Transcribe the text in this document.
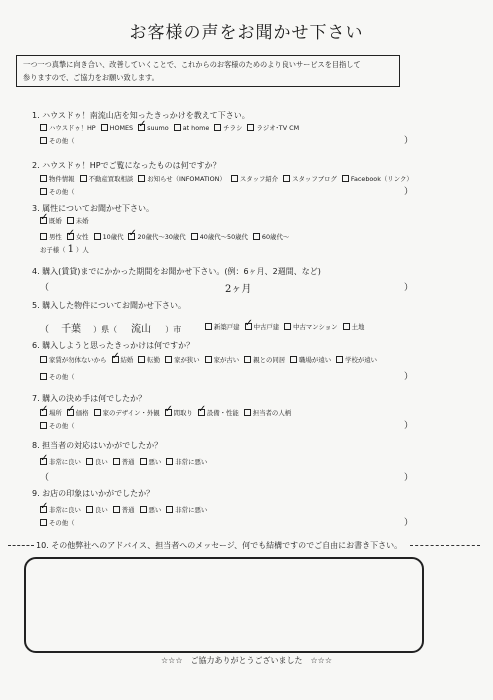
お客様の声をお聞かせ下さい
一つ一つ真摯に向き合い、改善していくことで、これからのお客様のためのより良いサービスを目指して
参りますので、ご協力をお願い致します。
1. ハウスドゥ！南流山店を知ったきっかけを教えて下さい。
ハウスドゥ！HP HOMES ✓ suumo at home チラシ ラジオ･TV CM
その他（	）
2. ハウスドゥ！HPでご覧になったものは何ですか？
物件情報 不動産買取相談 お知らせ（INFOMATION） スタッフ紹介 スタッフブログ Facebook（リンク）
その他（	）
3. 属性についてお聞かせ下さい。
✓既婚 未婚
男性 ✓ 女性 10歳代 ✓ 20歳代〜30歳代 40歳代〜50歳代 60歳代〜
お子様（ 1 ）人
4. 購入(賃貸)までにかかった期間をお聞かせ下さい。(例：6ヶ月、2週間、など)
（	2ヶ月	）
5. 購入した物件についてお聞かせ下さい。
（ 千葉 ）県（ 流山 ）市	新築戸建 ✓ 中古戸建 中古マンション 土地
6. 購入しようと思ったきっかけは何ですか？
家賃が勿体ないから ✓ 結婚 転勤 家が狭い 家が古い 親との同居 職場が遠い 学校が遠い
その他（	）
7. 購入の決め手は何でしたか？
✓場所 ✓ 価格 家のデザイン・外観 ✓ 間取り ✓ 設備・性能 担当者の人柄
その他（	）
8. 担当者の対応はいかがでしたか？
✓非常に良い 良い 普通 悪い 非常に悪い
（	）
9. お店の印象はいかがでしたか？
✓非常に良い 良い 普通 悪い 非常に悪い
その他（	）
10. その他弊社へのアドバイス、担当者へのメッセージ、何でも結構ですのでご自由にお書き下さい。
☆☆☆　ご協力ありがとうございました　☆☆☆
